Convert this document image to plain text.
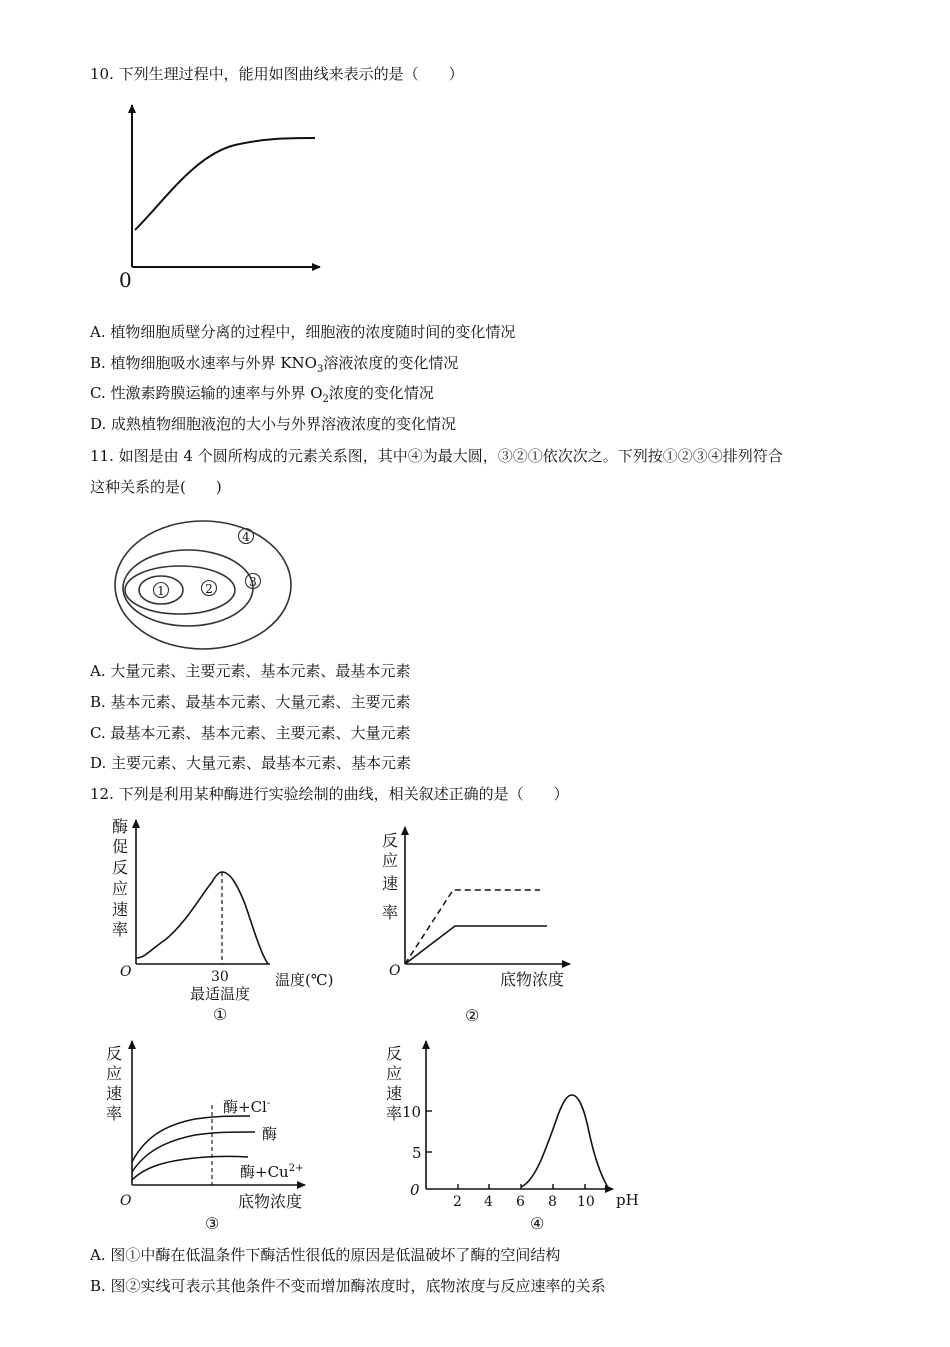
10. 下列生理过程中，能用如图曲线来表示的是（　　）
0
A. 植物细胞质壁分离的过程中，细胞液的浓度随时间的变化情况
B. 植物细胞吸水速率与外界 $KNO_3$溶液浓度的变化情况
C. 性激素跨膜运输的速率与外界 $O_2$浓度的变化情况
D. 成熟植物细胞液泡的大小与外界溶液浓度的变化情况
11. 如图是由 4 个圆所构成的元素关系图，其中④为最大圆，③②①依次次之。下列按①②③④排列符合
这种关系的是(　　)
1	2	3
4
A. 大量元素、主要元素、基本元素、最基本元素
B. 基本元素、最基本元素、大量元素、主要元素
C. 最基本元素、基本元素、主要元素、大量元素
D. 主要元素、大量元素、最基本元素、基本元素
12. 下列是利用某种酶进行实验绘制的曲线，相关叙述正确的是（　　）
酶
促
反
应
速
率
O	30	温度(℃)
最适温度
①
反
应
速
率
O	底物浓度
②
反
应
速
率	酶+Cl-
酶
酶$+Cu^{2+}$
O	底物浓度
③
反
应
速
率 10
5
0
2 4 6 8 10 pH
④
A. 图①中酶在低温条件下酶活性很低的原因是低温破坏了酶的空间结构
B. 图②实线可表示其他条件不变而增加酶浓度时，底物浓度与反应速率的关系
